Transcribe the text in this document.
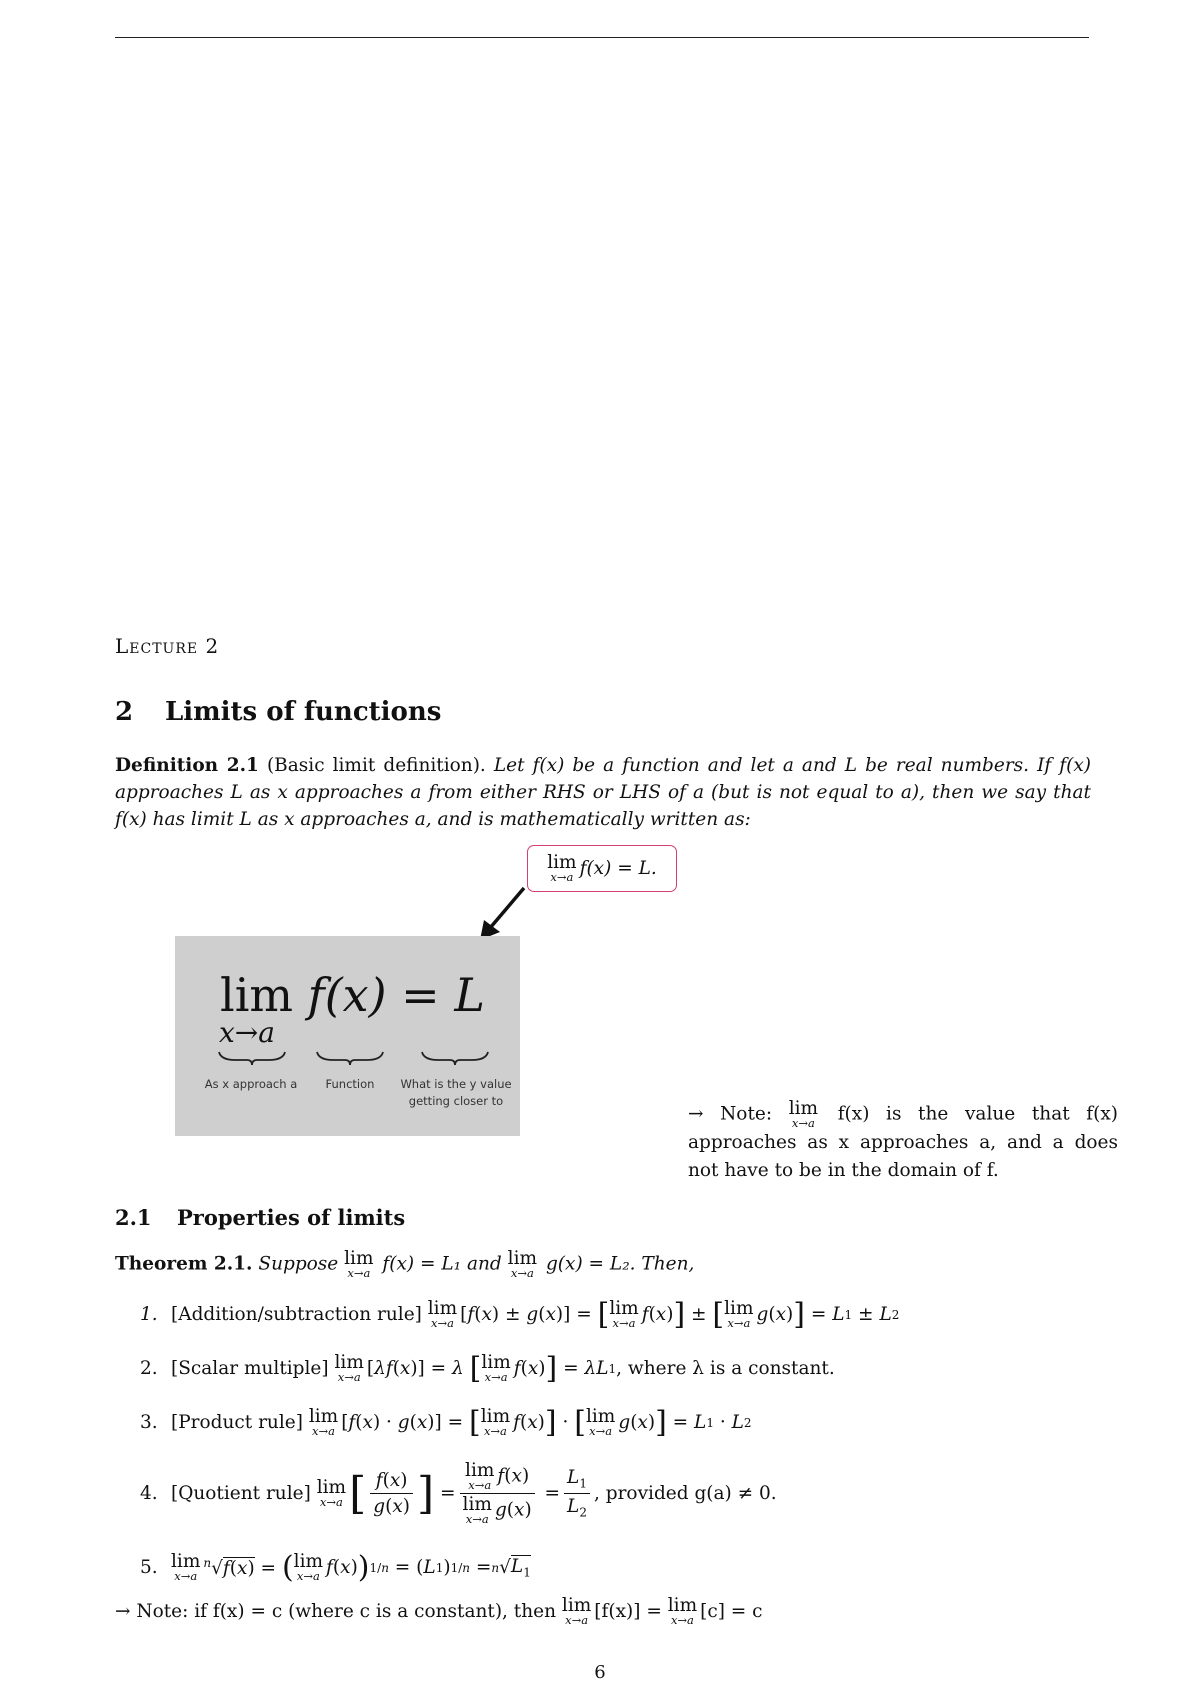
Lecture 2
2 Limits of functions
Definition 2.1 (Basic limit definition). Let f(x) be a function and let a and L be real numbers. If f(x) approaches L as x approaches a from either RHS or LHS of a (but is not equal to a), then we say that f(x) has limit L as x approaches a, and is mathematically written as:
lim
x→a f(x) = L.
lim f(x) = L
x→a
As x approach a	Function	What is the y value
getting closer to
→ Note: lim
x→a f(x) is the value that f(x) approaches as x approaches a, and a does not have to be in the domain of f.
2.1 Properties of limits
Theorem 2.1. Suppose lim
x→a f(x) = L₁ and lim
x→a g(x) = L₂. Then,
1. [Addition/subtraction rule]
lim
x→a [f(x) ± g(x)] =
[ lim
x→a f ( x ) ] ± [ lim
x→a g ( x ) ] = L 1 ± L 2
2. [Scalar multiple]
lim
x→a [λf(x)] = λ
[ lim
x→a f ( x ) ] = λL 1 , where λ is a constant.
3. [Product rule]
lim
x→a [f(x) · g(x)] =
[ lim
x→a f ( x ) ] · [ lim
x→a g ( x ) ] = L 1 · L 2
4. [Quotient rule]
lim
x→a [ $\frac{f(x)}{g(x)}$ ] = lim
x→a f(x)
lim
x→a $g(x) = \frac{L_1}{L_2}$ , provided g(a) ≠ 0.
5. lim
x→a
$^n$√f(x) =
( lim
x→a f ( x ) ) 1/n = ( L 1 ) 1/n = n √ $L_1$
→ Note: if f(x) = c (where c is a constant), then
lim
x→a [f(x)] =
lim
x→a [c] = c
6
